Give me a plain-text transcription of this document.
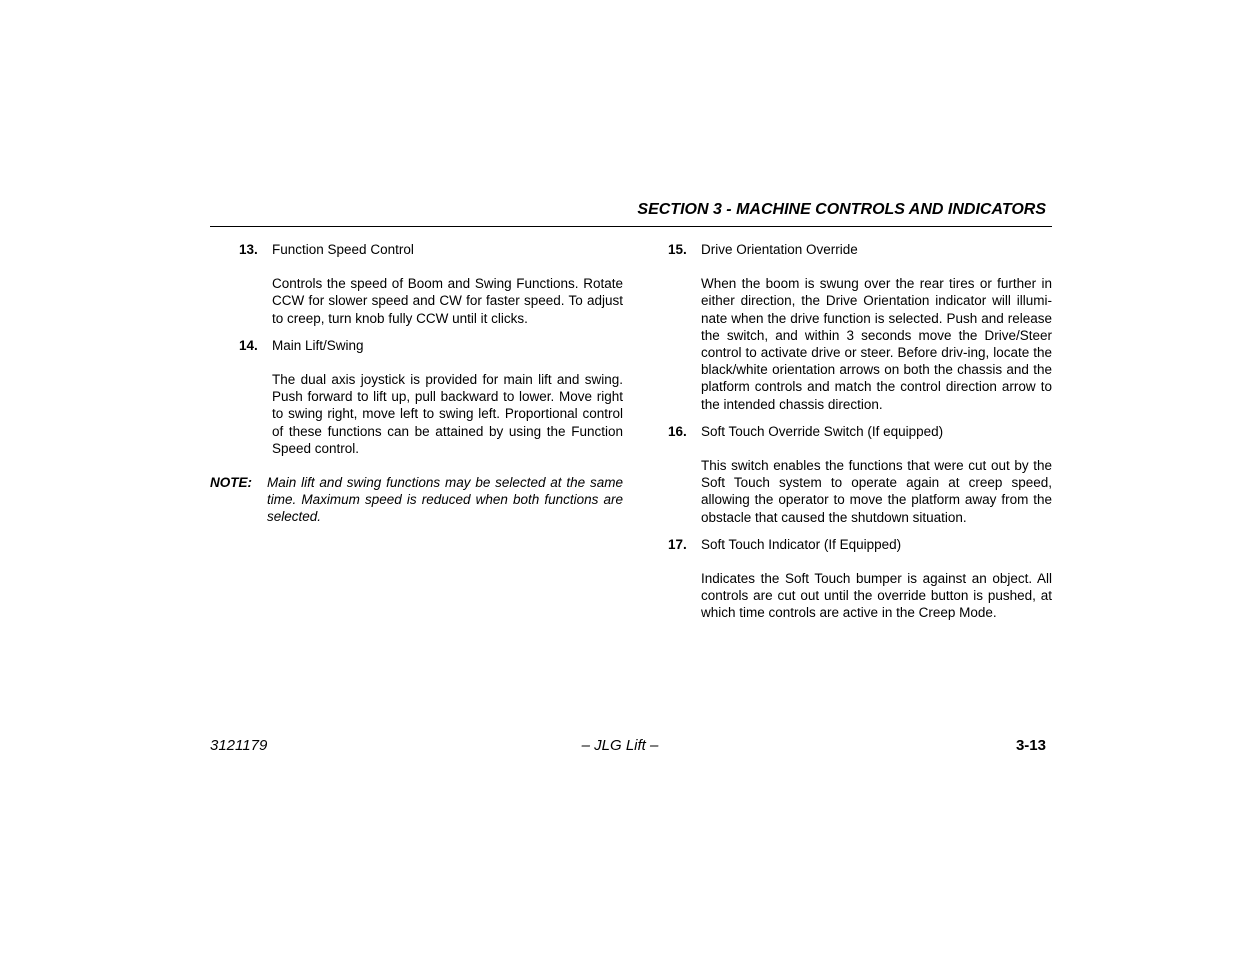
SECTION 3 - MACHINE CONTROLS AND INDICATORS
13. Function Speed Control

Controls the speed of Boom and Swing Functions. Rotate CCW for slower speed and CW for faster speed. To adjust to creep, turn knob fully CCW until it clicks.

14. Main Lift/Swing

The dual axis joystick is provided for main lift and swing. Push forward to lift up, pull backward to lower. Move right to swing right, move left to swing left. Proportional control of these functions can be attained by using the Function Speed control.

NOTE: Main lift and swing functions may be selected at the same time. Maximum speed is reduced when both functions are selected.
15. Drive Orientation Override

When the boom is swung over the rear tires or further in either direction, the Drive Orientation indicator will illumi-nate when the drive function is selected. Push and release the switch, and within 3 seconds move the Drive/Steer control to activate drive or steer. Before driv-ing, locate the black/white orientation arrows on both the chassis and the platform controls and match the control direction arrow to the intended chassis direction.

16. Soft Touch Override Switch (If equipped)

This switch enables the functions that were cut out by the Soft Touch system to operate again at creep speed, allowing the operator to move the platform away from the obstacle that caused the shutdown situation.

17. Soft Touch Indicator (If Equipped)

Indicates the Soft Touch bumper is against an object. All controls are cut out until the override button is pushed, at which time controls are active in the Creep Mode.

3121179	– JLG Lift –	3-13
